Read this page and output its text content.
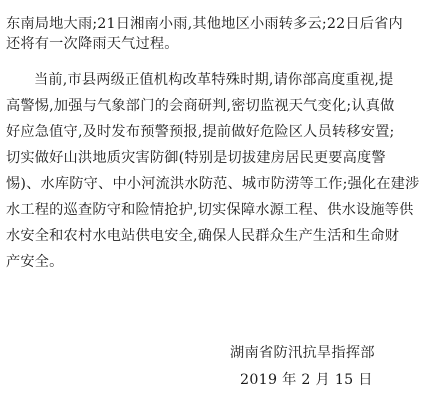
东南局地大雨;21日湘南小雨,其他地区小雨转多云;22日后省内
还将有一次降雨天气过程。
当前,市县两级正值机构改革特殊时期,请你部高度重视,提
高警惕,加强与气象部门的会商研判,密切监视天气变化;认真做
好应急值守,及时发布预警预报,提前做好危险区人员转移安置;
切实做好山洪地质灾害防御(特别是切拔建房居民更要高度警
惕)、水库防守、中小河流洪水防范、城市防涝等工作;强化在建涉
水工程的巡查防守和险情抢护,切实保障水源工程、供水设施等供
水安全和农村水电站供电安全,确保人民群众生产生活和生命财
产安全。
湖南省防汛抗旱指挥部
2019 年 2 月 15 日
